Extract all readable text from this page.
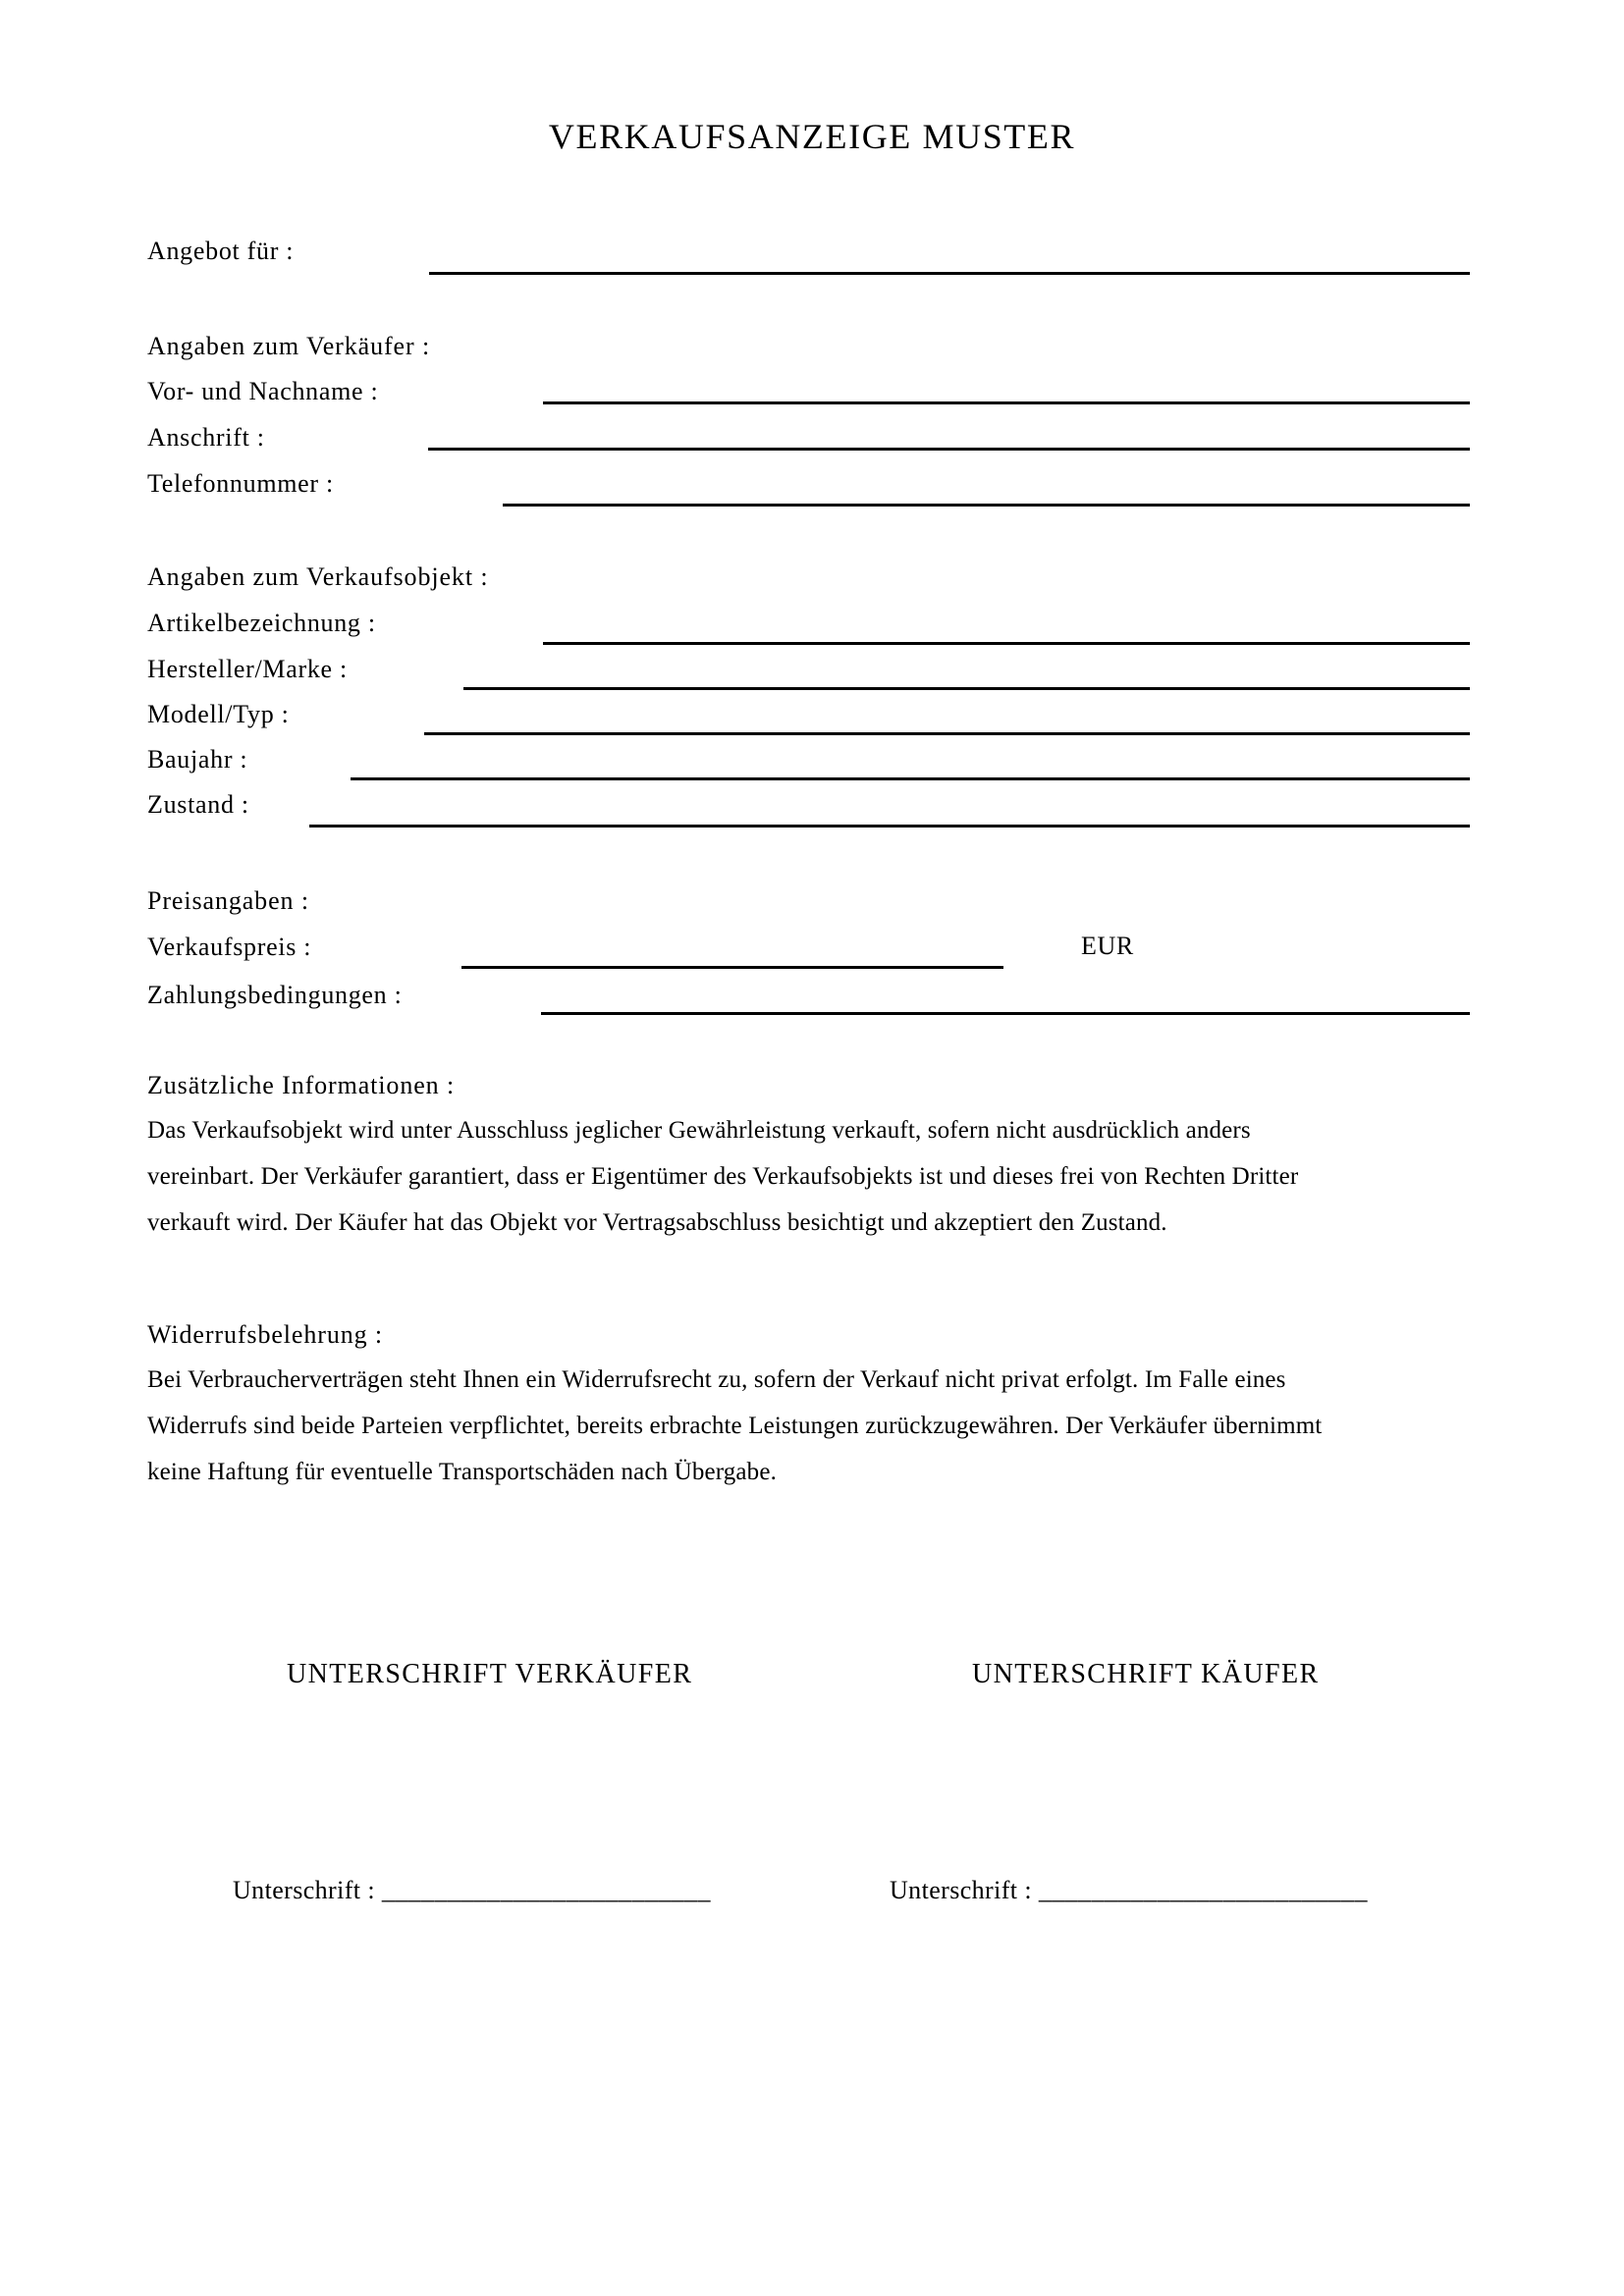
VERKAUFSANZEIGE MUSTER
Angebot für :
Angaben zum Verkäufer :
Vor- und Nachname :
Anschrift :
Telefonnummer :
Angaben zum Verkaufsobjekt :
Artikelbezeichnung :
Hersteller/Marke :
Modell/Typ :
Baujahr :
Zustand :
Preisangaben :
Verkaufspreis :	EUR
Zahlungsbedingungen :
Zusätzliche Informationen :
Das Verkaufsobjekt wird unter Ausschluss jeglicher Gewährleistung verkauft, sofern nicht ausdrücklich anders
vereinbart. Der Verkäufer garantiert, dass er Eigentümer des Verkaufsobjekts ist und dieses frei von Rechten Dritter
verkauft wird. Der Käufer hat das Objekt vor Vertragsabschluss besichtigt und akzeptiert den Zustand.
Widerrufsbelehrung :
Bei Verbraucherverträgen steht Ihnen ein Widerrufsrecht zu, sofern der Verkauf nicht privat erfolgt. Im Falle eines
Widerrufs sind beide Parteien verpflichtet, bereits erbrachte Leistungen zurückzugewähren. Der Verkäufer übernimmt
keine Haftung für eventuelle Transportschäden nach Übergabe.
UNTERSCHRIFT VERKÄUFER	UNTERSCHRIFT KÄUFER
Unterschrift : _________________________	Unterschrift : _________________________
